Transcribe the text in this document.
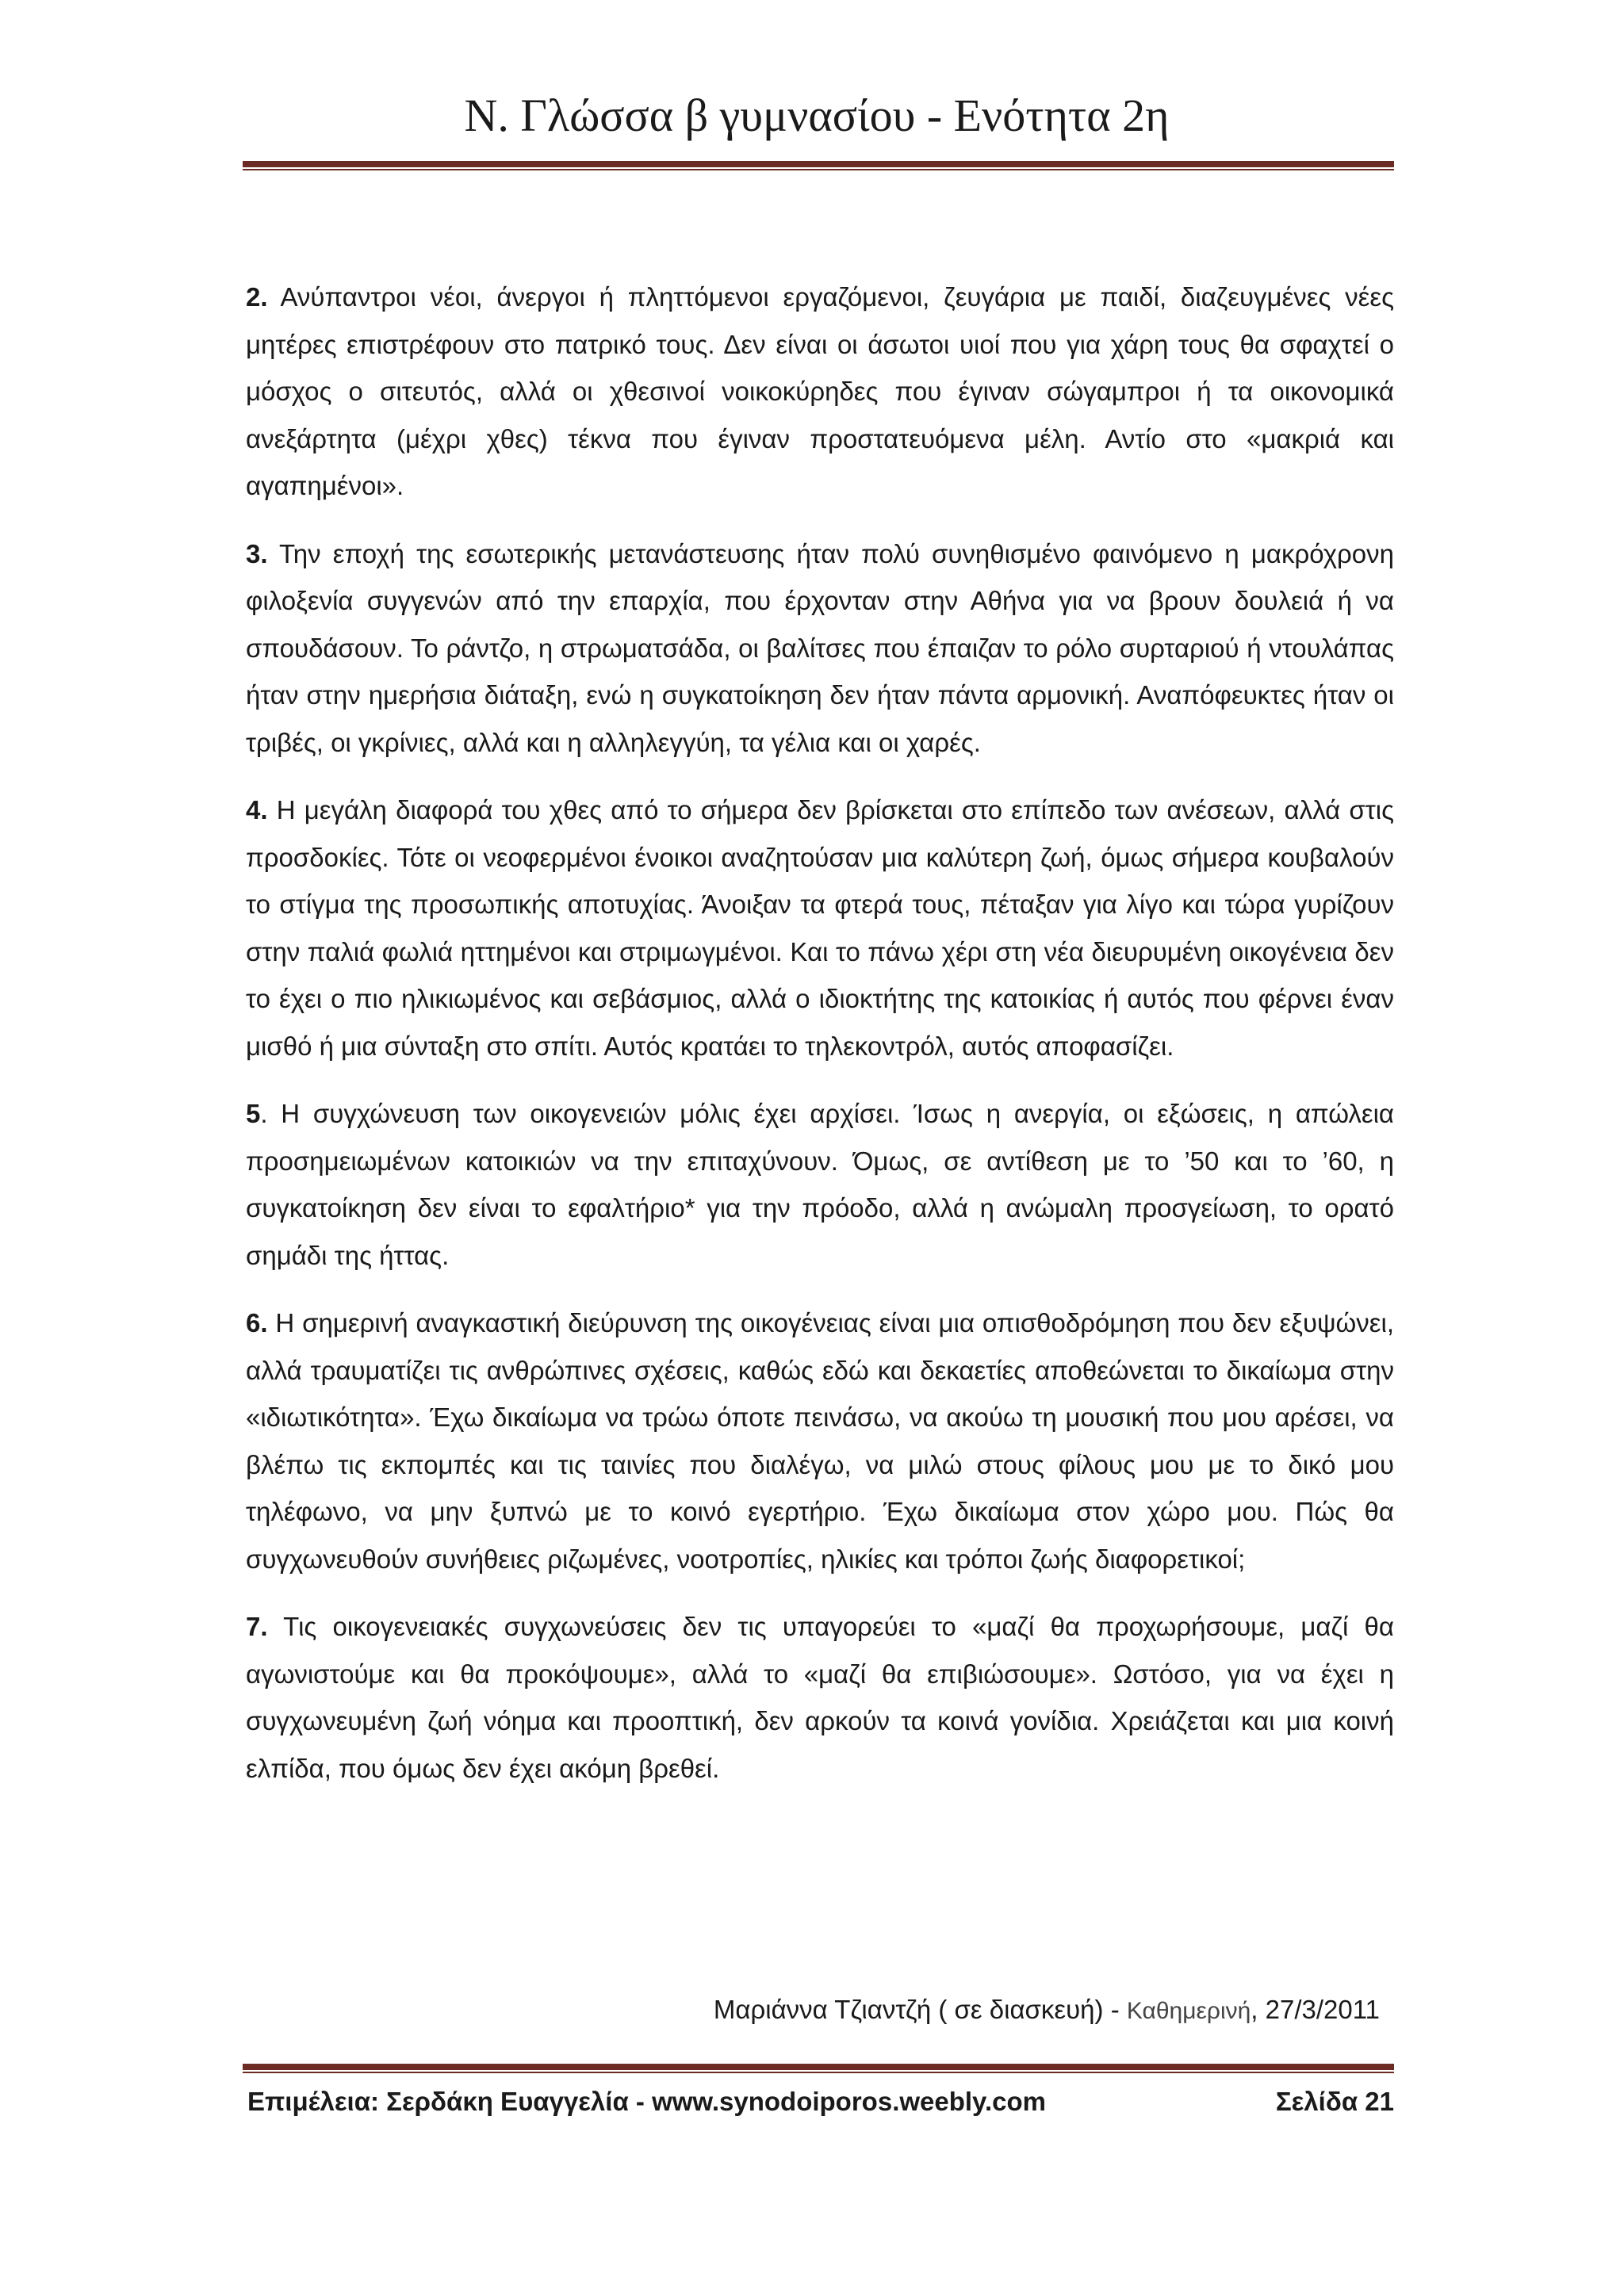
Ν. Γλώσσα β γυμνασίου - Ενότητα 2η

2. Ανύπαντροι νέοι, άνεργοι ή πληττόμενοι εργαζόμενοι, ζευγάρια με παιδί, διαζευγμένες νέες μητέρες επιστρέφουν στο πατρικό τους. Δεν είναι οι άσωτοι υιοί που για χάρη τους θα σφαχτεί ο μόσχος ο σιτευτός, αλλά οι χθεσινοί νοικοκύρηδες που έγιναν σώγαμπροι ή τα οικονομικά ανεξάρτητα (μέχρι χθες) τέκνα που έγιναν προστατευόμενα μέλη. Αντίο στο «μακριά και αγαπημένοι».

3. Την εποχή της εσωτερικής μετανάστευσης ήταν πολύ συνηθισμένο φαινόμενο η μακρόχρονη φιλοξενία συγγενών από την επαρχία, που έρχονταν στην Αθήνα για να βρουν δουλειά ή να σπουδάσουν. Το ράντζο, η στρωματσάδα, οι βαλίτσες που έπαιζαν το ρόλο συρταριού ή ντουλάπας ήταν στην ημερήσια διάταξη, ενώ η συγκατοίκηση δεν ήταν πάντα αρμονική. Αναπόφευκτες ήταν οι τριβές, οι γκρίνιες, αλλά και η αλληλεγγύη, τα γέλια και οι χαρές.

4. Η μεγάλη διαφορά του χθες από το σήμερα δεν βρίσκεται στο επίπεδο των ανέσεων, αλλά στις προσδοκίες. Τότε οι νεοφερμένοι ένοικοι αναζητούσαν μια καλύτερη ζωή, όμως σήμερα κουβαλούν το στίγμα της προσωπικής αποτυχίας. Άνοιξαν τα φτερά τους, πέταξαν για λίγο και τώρα γυρίζουν στην παλιά φωλιά ηττημένοι και στριμωγμένοι. Και το πάνω χέρι στη νέα διευρυμένη οικογένεια δεν το έχει ο πιο ηλικιωμένος και σεβάσμιος, αλλά ο ιδιοκτήτης της κατοικίας ή αυτός που φέρνει έναν μισθό ή μια σύνταξη στο σπίτι. Αυτός κρατάει το τηλεκοντρόλ, αυτός αποφασίζει.

5. Η συγχώνευση των οικογενειών μόλις έχει αρχίσει. Ίσως η ανεργία, οι εξώσεις, η απώλεια προσημειωμένων κατοικιών να την επιταχύνουν. Όμως, σε αντίθεση με το ’50 και το ’60, η συγκατοίκηση δεν είναι το εφαλτήριο* για την πρόοδο, αλλά η ανώμαλη προσγείωση, το ορατό σημάδι της ήττας.

6. Η σημερινή αναγκαστική διεύρυνση της οικογένειας είναι μια οπισθοδρόμηση που δεν εξυψώνει, αλλά τραυματίζει τις ανθρώπινες σχέσεις, καθώς εδώ και δεκαετίες αποθεώνεται το δικαίωμα στην «ιδιωτικότητα». Έχω δικαίωμα να τρώω όποτε πεινάσω, να ακούω τη μουσική που μου αρέσει, να βλέπω τις εκπομπές και τις ταινίες που διαλέγω, να μιλώ στους φίλους μου με το δικό μου τηλέφωνο, να μην ξυπνώ με το κοινό εγερτήριο. Έχω δικαίωμα στον χώρο μου. Πώς θα συγχωνευθούν συνήθειες ριζωμένες, νοοτροπίες, ηλικίες και τρόποι ζωής διαφορετικοί;

7. Τις οικογενειακές συγχωνεύσεις δεν τις υπαγορεύει το «μαζί θα προχωρήσουμε, μαζί θα αγωνιστούμε και θα προκόψουμε», αλλά το «μαζί θα επιβιώσουμε». Ωστόσο, για να έχει η συγχωνευμένη ζωή νόημα και προοπτική, δεν αρκούν τα κοινά γονίδια. Χρειάζεται και μια κοινή ελπίδα, που όμως δεν έχει ακόμη βρεθεί.

Μαριάννα Τζιαντζή ( σε διασκευή) - Καθημερινή, 27/3/2011
Επιμέλεια: Σερδάκη Ευαγγελία - www.synodoiporos.weebly.com	Σελίδα 21
